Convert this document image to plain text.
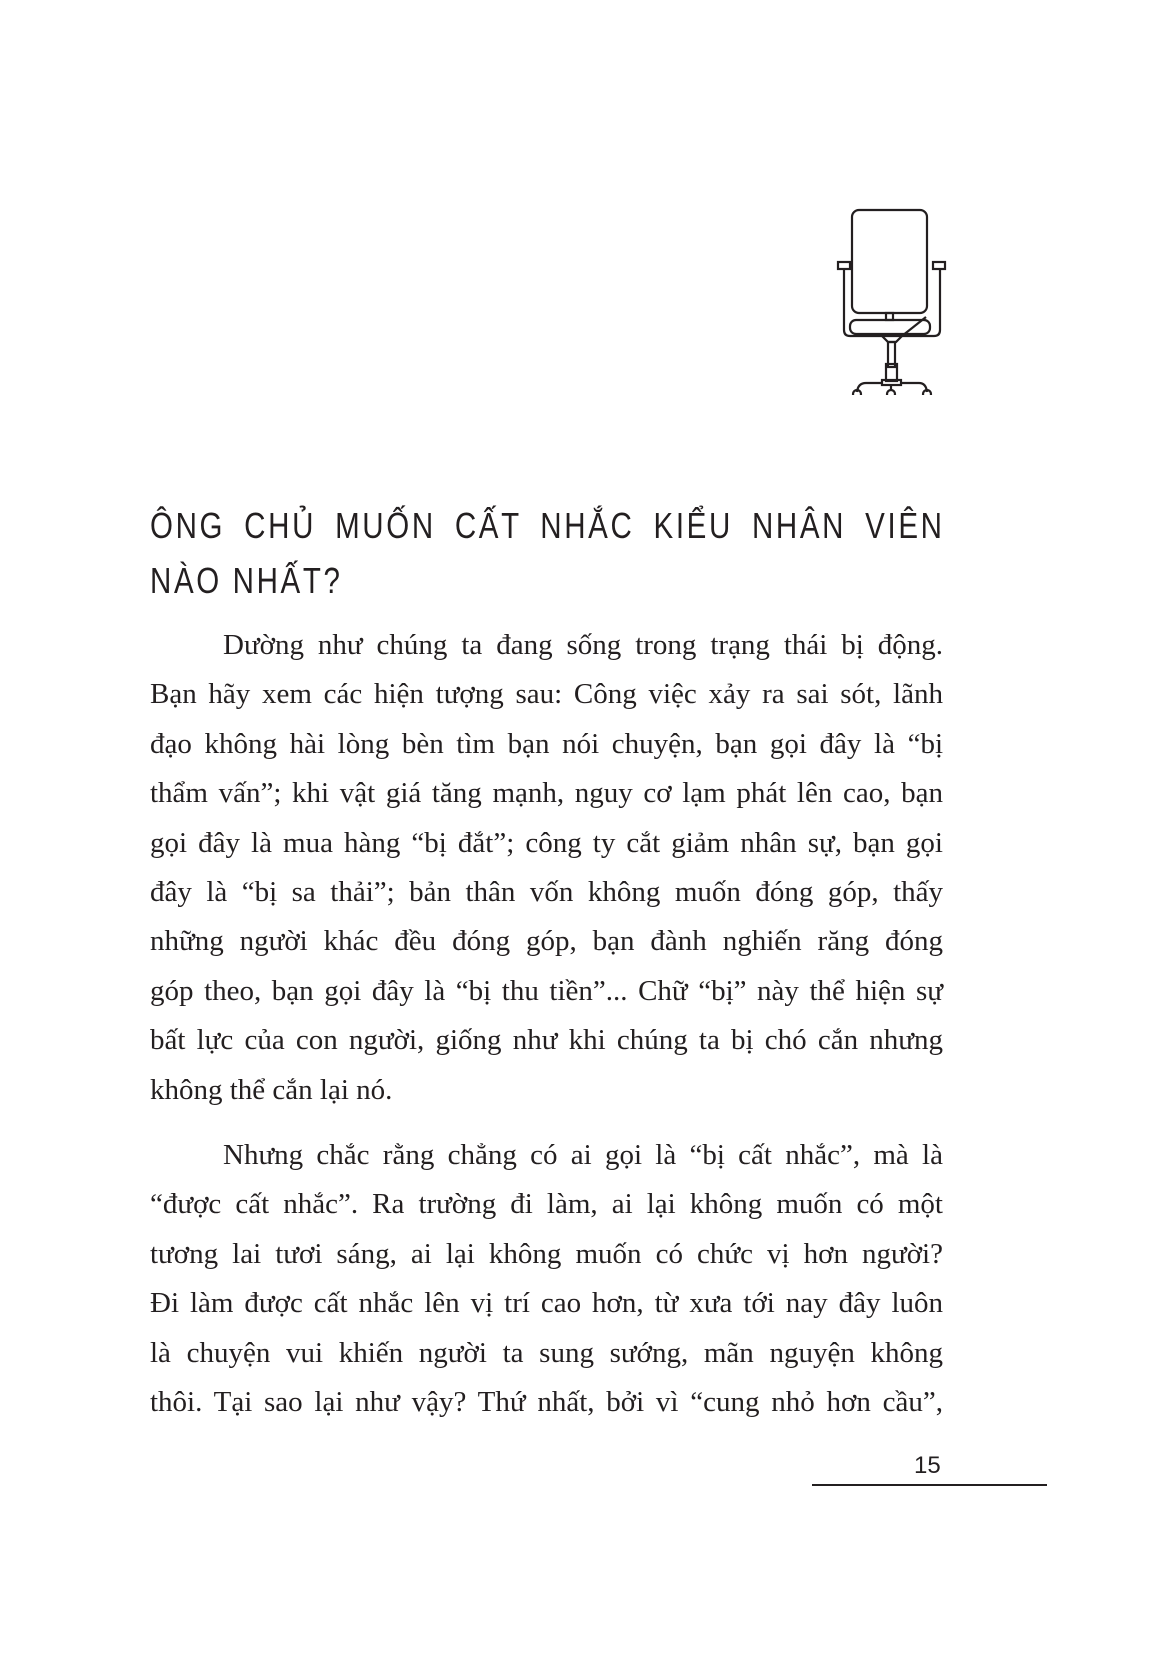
ÔNG CHỦ MUỐN CẤT NHẮC KIỂU NHÂN VIÊN
NÀO NHẤT?
Dường như chúng ta đang sống trong trạng thái bị động.
Bạn hãy xem các hiện tượng sau: Công việc xảy ra sai sót, lãnh
đạo không hài lòng bèn tìm bạn nói chuyện, bạn gọi đây là “bị
thẩm vấn”; khi vật giá tăng mạnh, nguy cơ lạm phát lên cao, bạn
gọi đây là mua hàng “bị đắt”; công ty cắt giảm nhân sự, bạn gọi
đây là “bị sa thải”; bản thân vốn không muốn đóng góp, thấy
những người khác đều đóng góp, bạn đành nghiến răng đóng
góp theo, bạn gọi đây là “bị thu tiền”... Chữ “bị” này thể hiện sự
bất lực của con người, giống như khi chúng ta bị chó cắn nhưng
không thể cắn lại nó.
Nhưng chắc rằng chẳng có ai gọi là “bị cất nhắc”, mà là
“được cất nhắc”. Ra trường đi làm, ai lại không muốn có một
tương lai tươi sáng, ai lại không muốn có chức vị hơn người?
Đi làm được cất nhắc lên vị trí cao hơn, từ xưa tới nay đây luôn
là chuyện vui khiến người ta sung sướng, mãn nguyện không
thôi. Tại sao lại như vậy? Thứ nhất, bởi vì “cung nhỏ hơn cầu”,
15
